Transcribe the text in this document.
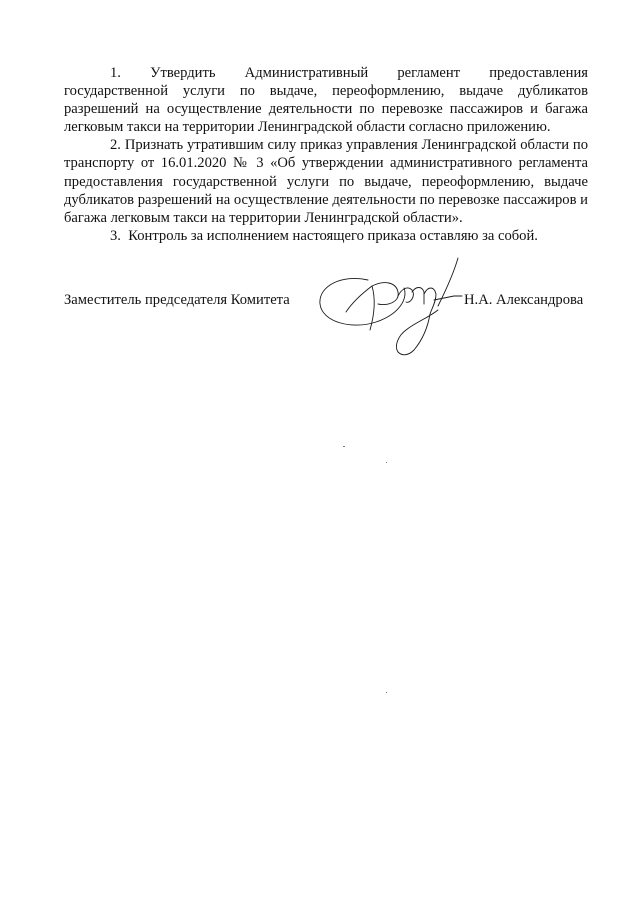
1. Утвердить Административный регламент предоставления государственной услуги по выдаче, переоформлению, выдаче дубликатов разрешений на осуществление деятельности по перевозке пассажиров и багажа легковым такси на территории Ленинградской области согласно приложению.

2. Признать утратившим силу приказ управления Ленинградской области по транспорту от 16.01.2020 № 3 «Об утверждении административного регламента предоставления государственной услуги по выдаче, переоформлению, выдаче дубликатов разрешений на осуществление деятельности по перевозке пассажиров и багажа легковым такси на территории Ленинградской области».

3. Контроль за исполнением настоящего приказа оставляю за собой.

Заместитель председателя Комитета	Н.А. Александрова
